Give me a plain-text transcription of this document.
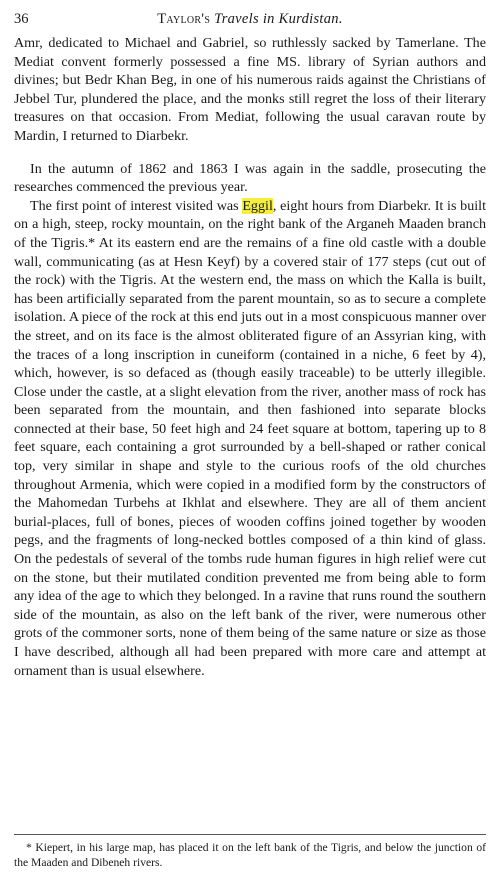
36	Taylor's Travels in Kurdistan.

Amr, dedicated to Michael and Gabriel, so ruthlessly sacked by Tamerlane. The Mediat convent formerly possessed a fine MS. library of Syrian authors and divines; but Bedr Khan Beg, in one of his numerous raids against the Christians of Jebbel Tur, plundered the place, and the monks still regret the loss of their literary treasures on that occasion. From Mediat, following the usual caravan route by Mardin, I returned to Diarbekr.

In the autumn of 1862 and 1863 I was again in the saddle, prosecuting the researches commenced the previous year.

The first point of interest visited was Eggil, eight hours from Diarbekr. It is built on a high, steep, rocky mountain, on the right bank of the Arganeh Maaden branch of the Tigris.* At its eastern end are the remains of a fine old castle with a double wall, communicating (as at Hesn Keyf) by a covered stair of 177 steps (cut out of the rock) with the Tigris. At the western end, the mass on which the Kalla is built, has been artificially separated from the parent mountain, so as to secure a complete isolation. A piece of the rock at this end juts out in a most conspicuous manner over the street, and on its face is the almost obliterated figure of an Assyrian king, with the traces of a long inscription in cuneiform (contained in a niche, 6 feet by 4), which, however, is so defaced as (though easily traceable) to be utterly illegible. Close under the castle, at a slight elevation from the river, another mass of rock has been separated from the mountain, and then fashioned into separate blocks connected at their base, 50 feet high and 24 feet square at bottom, tapering up to 8 feet square, each containing a grot surrounded by a bell-shaped or rather conical top, very similar in shape and style to the curious roofs of the old churches throughout Armenia, which were copied in a modified form by the constructors of the Mahomedan Turbehs at Ikhlat and elsewhere. They are all of them ancient burial-places, full of bones, pieces of wooden coffins joined together by wooden pegs, and the fragments of long-necked bottles composed of a thin kind of glass. On the pedestals of several of the tombs rude human figures in high relief were cut on the stone, but their mutilated condition prevented me from being able to form any idea of the age to which they belonged. In a ravine that runs round the southern side of the mountain, as also on the left bank of the river, were numerous other grots of the commoner sorts, none of them being of the same nature or size as those I have described, although all had been prepared with more care and attempt at ornament than is usual elsewhere.

* Kiepert, in his large map, has placed it on the left bank of the Tigris, and below the junction of the Maaden and Dibeneh rivers.
